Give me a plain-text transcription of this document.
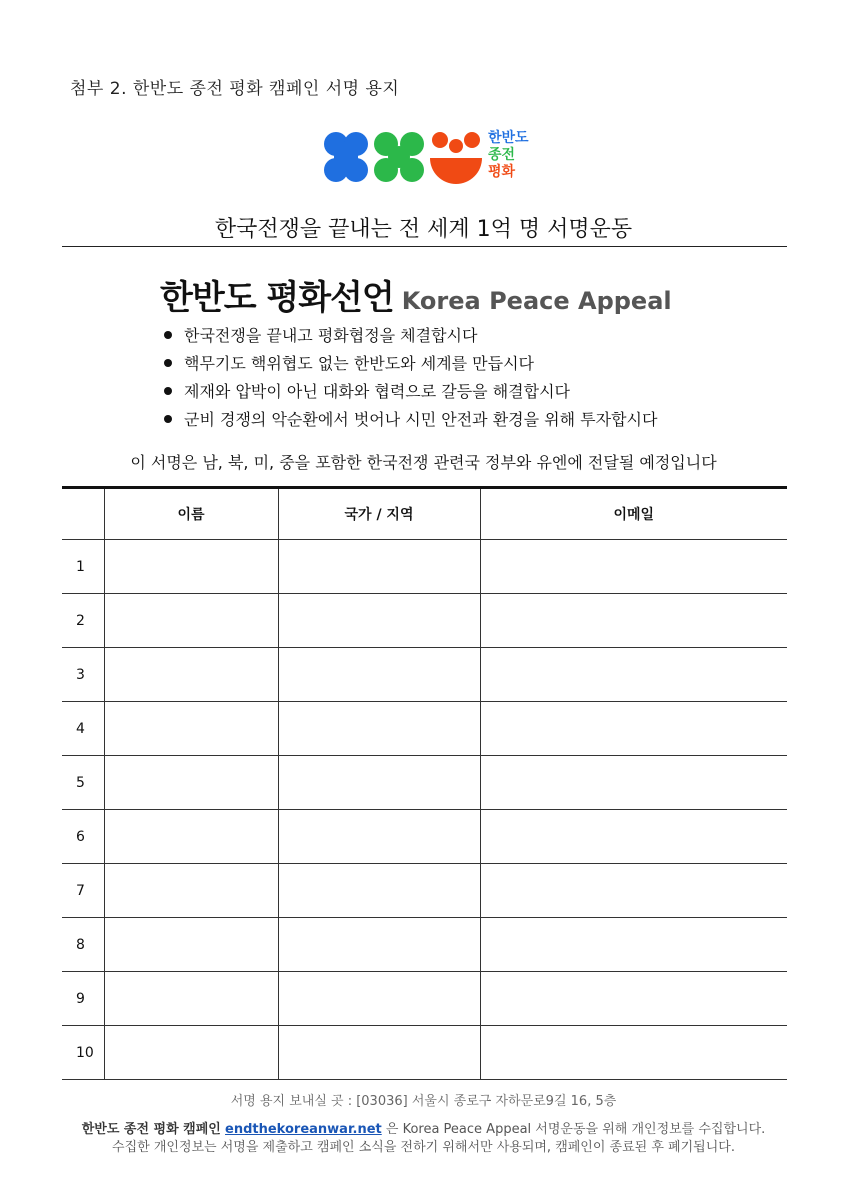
첨부 2. 한반도 종전 평화 캠페인 서명 용지
한반도
종전
평화
한국전쟁을 끝내는 전 세계 1억 명 서명운동
한반도 평화선언 Korea Peace Appeal
한국전쟁을 끝내고 평화협정을 체결합시다
핵무기도 핵위협도 없는 한반도와 세계를 만듭시다
제재와 압박이 아닌 대화와 협력으로 갈등을 해결합시다
군비 경쟁의 악순환에서 벗어나 시민 안전과 환경을 위해 투자합시다
이 서명은 남, 북, 미, 중을 포함한 한국전쟁 관련국 정부와 유엔에 전달될 예정입니다
	이름	국가 / 지역	이메일
1			
2			
3			
4			
5			
6			
7			
8			
9			
10			
서명 용지 보내실 곳 : [03036] 서울시 종로구 자하문로9길 16, 5층
한반도 종전 평화 캠페인 endthekoreanwar.net 은 Korea Peace Appeal 서명운동을 위해 개인정보를 수집합니다.
수집한 개인정보는 서명을 제출하고 캠페인 소식을 전하기 위해서만 사용되며, 캠페인이 종료된 후 폐기됩니다.
